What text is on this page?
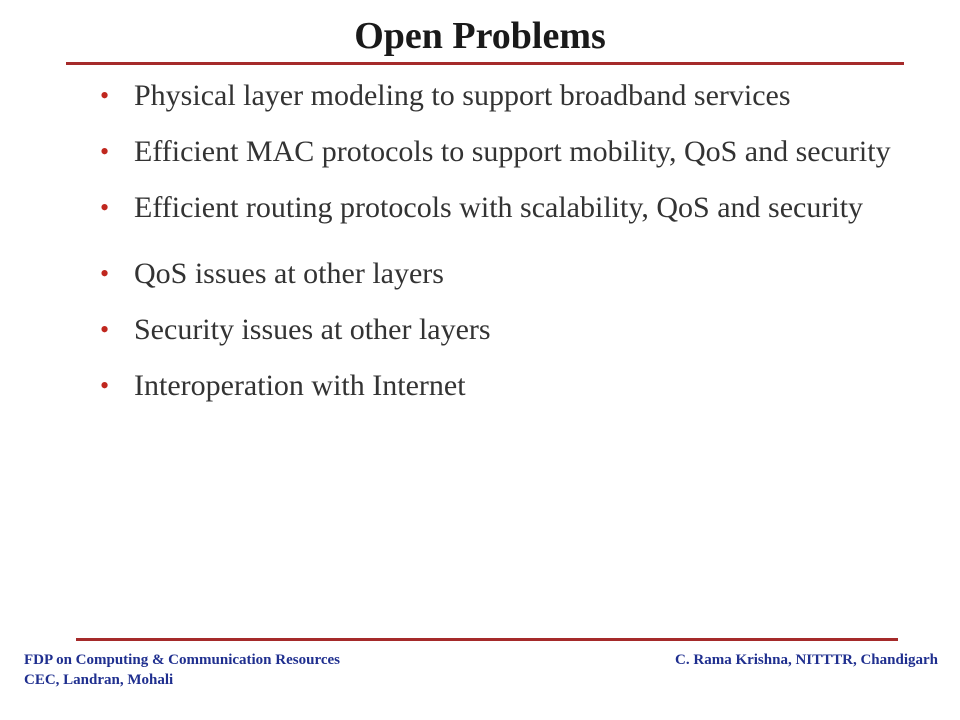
Open Problems
• Physical layer modeling to support broadband services
• Efficient MAC protocols to support mobility, QoS and security
• Efficient routing protocols with scalability, QoS and security
• QoS issues at other layers
• Security issues at other layers
• Interoperation with Internet
FDP on Computing & Communication Resources
CEC, Landran, Mohali
C. Rama Krishna, NITTTR, Chandigarh
